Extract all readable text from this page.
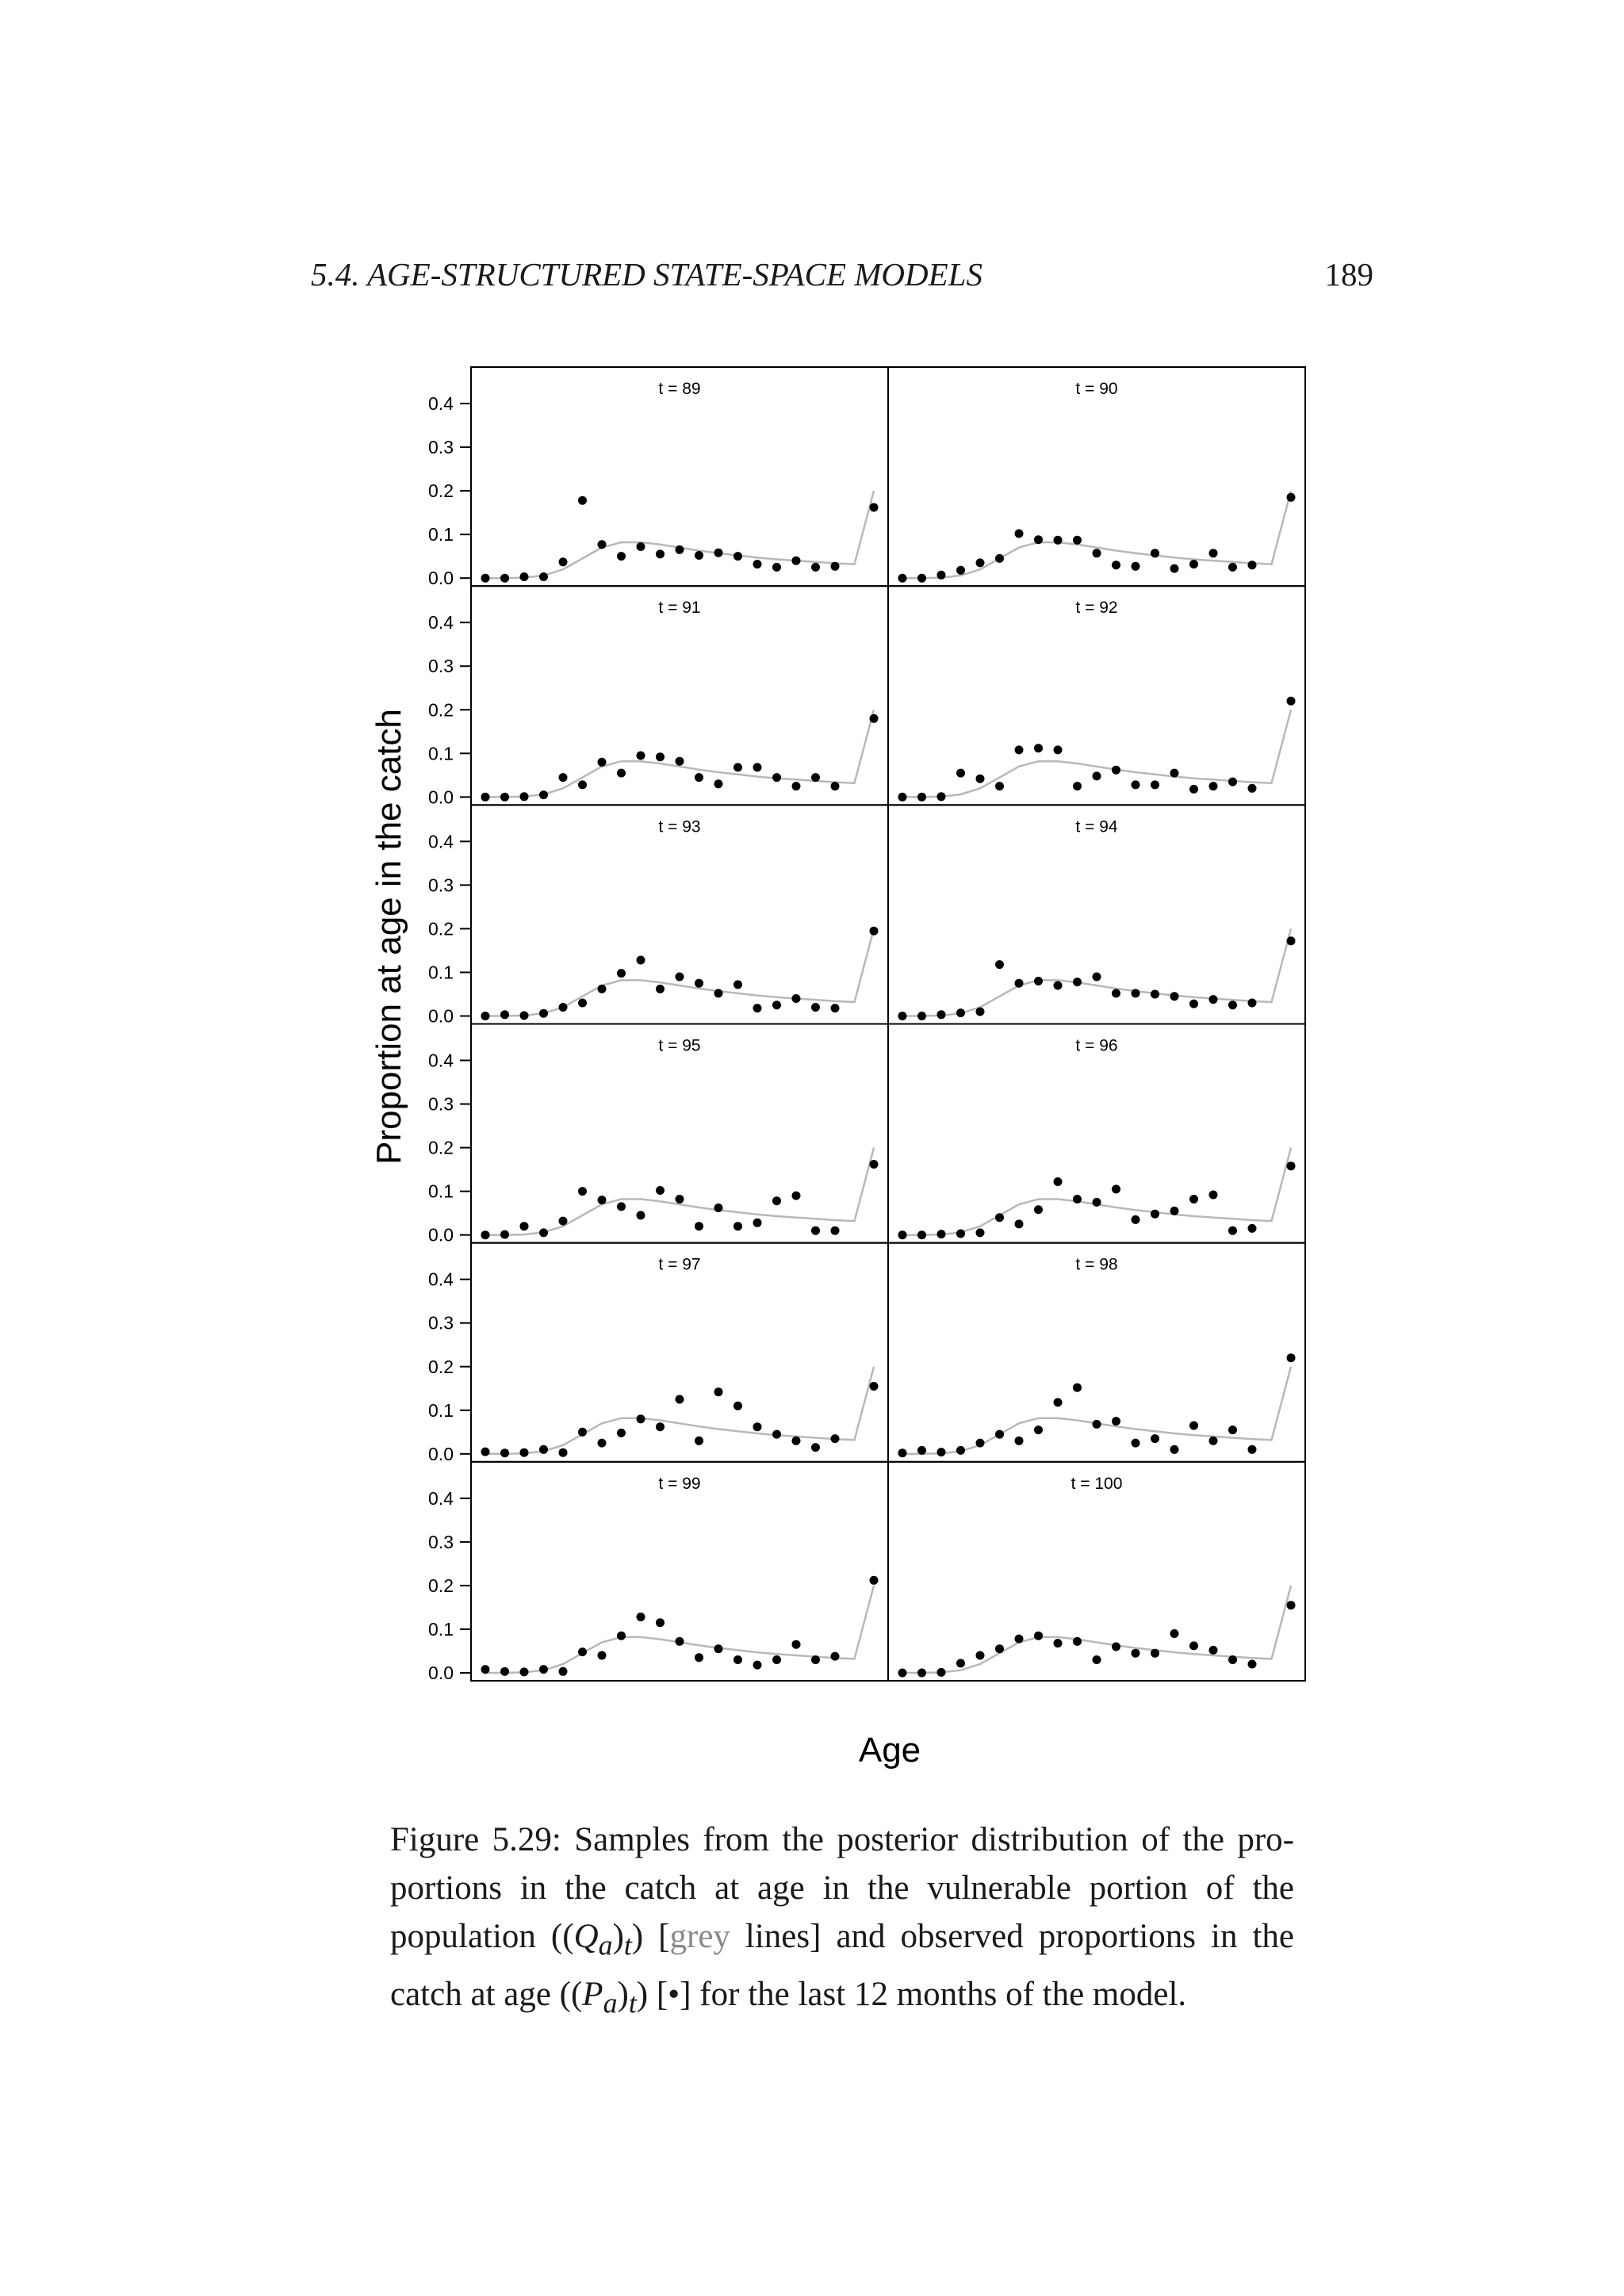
5.4. AGE-STRUCTURED STATE-SPACE MODELS	189
t = 89
0.0
0.1
0.2
0.3
0.4
t = 90
t = 91
0.0
0.1
0.2
0.3
0.4
t = 92
t = 93
0.0
0.1
0.2
0.3
0.4
t = 94
t = 95
0.0
0.1
0.2
0.3
0.4
t = 96
t = 97
0.0
0.1
0.2
0.3
0.4
t = 98
t = 99
0.0
0.1
0.2
0.3
0.4
t = 100
Proportion at age in the catch
Age
Figure 5.29: Samples from the posterior distribution of the pro-
portions in the catch at age in the vulnerable portion of the
population $((Q_a)_t)$ [grey lines] and observed proportions in the
catch at age $((P_a)_t)$ [•] for the last 12 months of the model.
